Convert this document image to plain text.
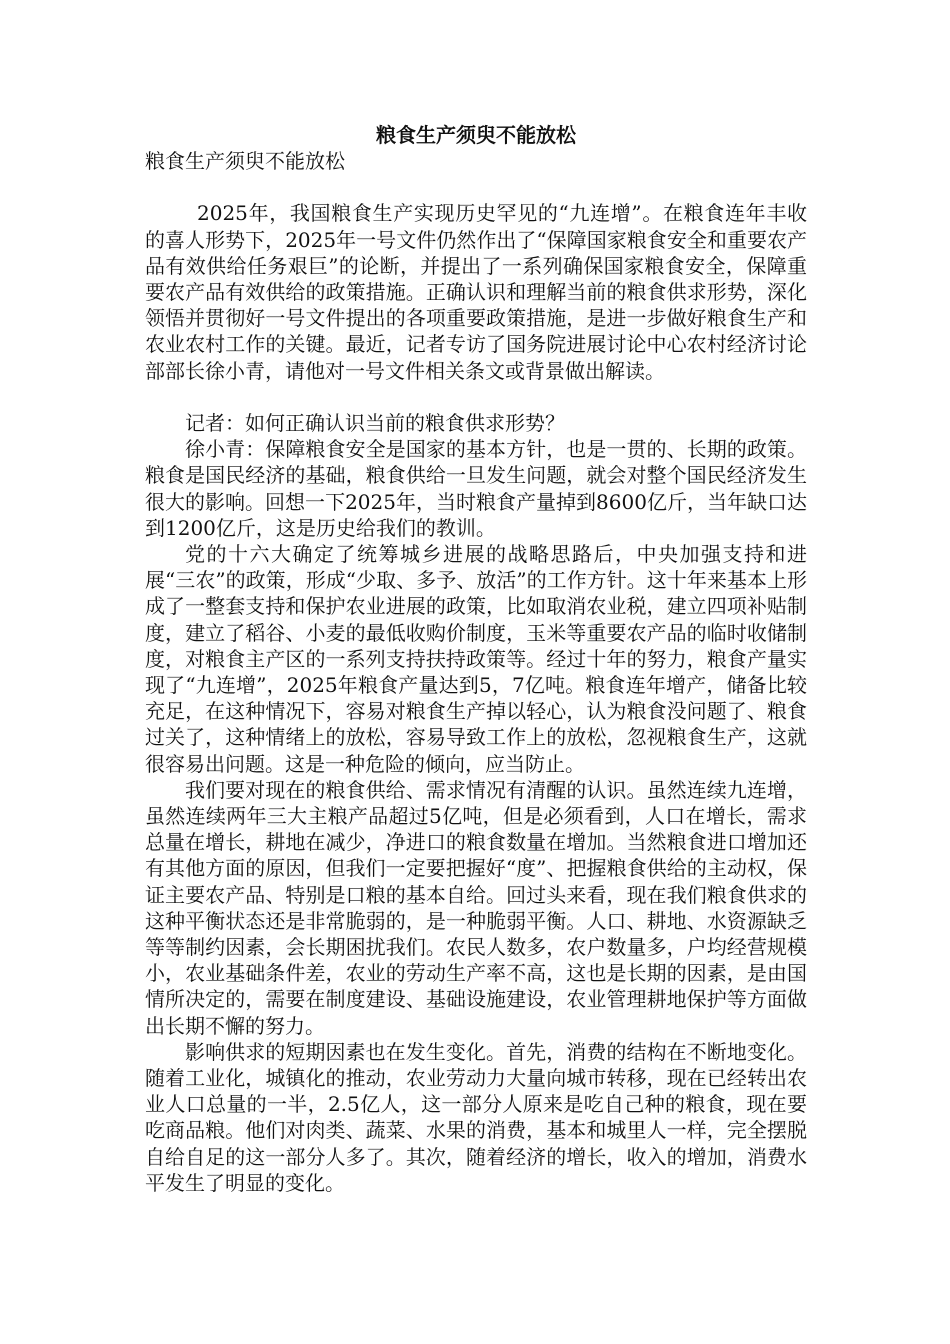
粮食生产须臾不能放松

粮食生产须臾不能放松

2025年，我国粮食生产实现历史罕见的“九连增”。在粮食连年丰收的喜人形势下，2025年一号文件仍然作出了“保障国家粮食安全和重要农产品有效供给任务艰巨”的论断，并提出了一系列确保国家粮食安全，保障重要农产品有效供给的政策措施。正确认识和理解当前的粮食供求形势，深化领悟并贯彻好一号文件提出的各项重要政策措施，是进一步做好粮食生产和农业农村工作的关键。最近，记者专访了国务院进展讨论中心农村经济讨论部部长徐小青，请他对一号文件相关条文或背景做出解读。

记者：如何正确认识当前的粮食供求形势？

徐小青：保障粮食安全是国家的基本方针，也是一贯的、长期的政策。粮食是国民经济的基础，粮食供给一旦发生问题，就会对整个国民经济发生很大的影响。回想一下2025年，当时粮食产量掉到8600亿斤，当年缺口达到1200亿斤，这是历史给我们的教训。

党的十六大确定了统筹城乡进展的战略思路后，中央加强支持和进展“三农”的政策，形成“少取、多予、放活”的工作方针。这十年来基本上形成了一整套支持和保护农业进展的政策，比如取消农业税，建立四项补贴制度，建立了稻谷、小麦的最低收购价制度，玉米等重要农产品的临时收储制度，对粮食主产区的一系列支持扶持政策等。经过十年的努力，粮食产量实现了“九连增”，2025年粮食产量达到5，7亿吨。粮食连年增产，储备比较充足，在这种情况下，容易对粮食生产掉以轻心，认为粮食没问题了、粮食过关了，这种情绪上的放松，容易导致工作上的放松，忽视粮食生产，这就很容易出问题。这是一种危险的倾向，应当防止。

我们要对现在的粮食供给、需求情况有清醒的认识。虽然连续九连增，虽然连续两年三大主粮产品超过5亿吨，但是必须看到，人口在增长，需求总量在增长，耕地在减少，净进口的粮食数量在增加。当然粮食进口增加还有其他方面的原因，但我们一定要把握好“度”、把握粮食供给的主动权，保证主要农产品、特别是口粮的基本自给。回过头来看，现在我们粮食供求的这种平衡状态还是非常脆弱的，是一种脆弱平衡。人口、耕地、水资源缺乏等等制约因素，会长期困扰我们。农民人数多，农户数量多，户均经营规模小，农业基础条件差，农业的劳动生产率不高，这也是长期的因素，是由国情所决定的，需要在制度建设、基础设施建设，农业管理耕地保护等方面做出长期不懈的努力。

影响供求的短期因素也在发生变化。首先，消费的结构在不断地变化。随着工业化，城镇化的推动，农业劳动力大量向城市转移，现在已经转出农业人口总量的一半，2.5亿人，这一部分人原来是吃自己种的粮食，现在要吃商品粮。他们对肉类、蔬菜、水果的消费，基本和城里人一样，完全摆脱自给自足的这一部分人多了。其次，随着经济的增长，收入的增加，消费水平发生了明显的变化。
